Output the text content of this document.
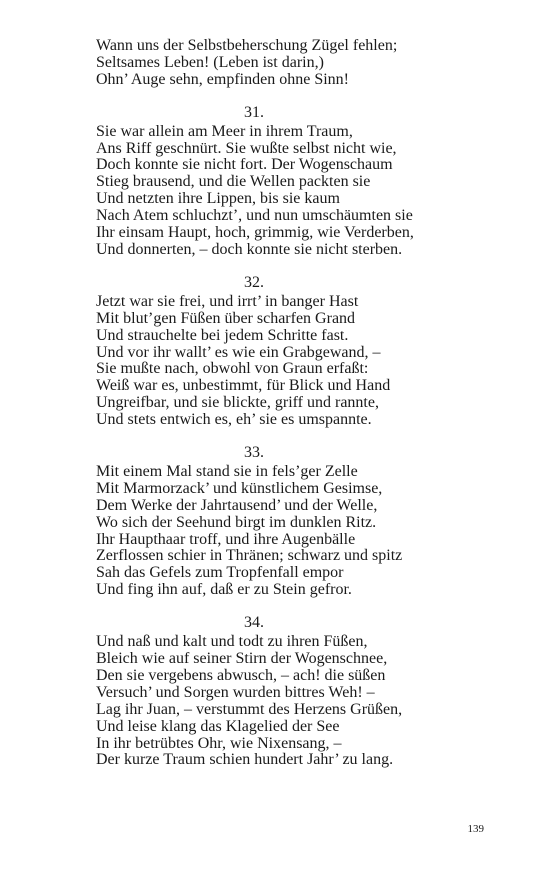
Wann uns der Selbstbeherschung Zügel fehlen;
Seltsames Leben! (Leben ist darin,)
Ohn’ Auge sehn, empfinden ohne Sinn!
31.
Sie war allein am Meer in ihrem Traum,
Ans Riff geschnürt. Sie wußte selbst nicht wie,
Doch konnte sie nicht fort. Der Wogenschaum
Stieg brausend, und die Wellen packten sie
Und netzten ihre Lippen, bis sie kaum
Nach Atem schluchzt’, und nun umschäumten sie
Ihr einsam Haupt, hoch, grimmig, wie Verderben,
Und donnerten, – doch konnte sie nicht sterben.
32.
Jetzt war sie frei, und irrt’ in banger Hast
Mit blut’gen Füßen über scharfen Grand
Und strauchelte bei jedem Schritte fast.
Und vor ihr wallt’ es wie ein Grabgewand, –
Sie mußte nach, obwohl von Graun erfaßt:
Weiß war es, unbestimmt, für Blick und Hand
Ungreifbar, und sie blickte, griff und rannte,
Und stets entwich es, eh’ sie es umspannte.
33.
Mit einem Mal stand sie in fels’ger Zelle
Mit Marmorzack’ und künstlichem Gesimse,
Dem Werke der Jahrtausend’ und der Welle,
Wo sich der Seehund birgt im dunklen Ritz.
Ihr Haupthaar troff, und ihre Augenbälle
Zerflossen schier in Thränen; schwarz und spitz
Sah das Gefels zum Tropfenfall empor
Und fing ihn auf, daß er zu Stein gefror.
34.
Und naß und kalt und todt zu ihren Füßen,
Bleich wie auf seiner Stirn der Wogenschnee,
Den sie vergebens abwusch, – ach! die süßen
Versuch’ und Sorgen wurden bittres Weh! –
Lag ihr Juan, – verstummt des Herzens Grüßen,
Und leise klang das Klagelied der See
In ihr betrübtes Ohr, wie Nixensang, –
Der kurze Traum schien hundert Jahr’ zu lang.
139
